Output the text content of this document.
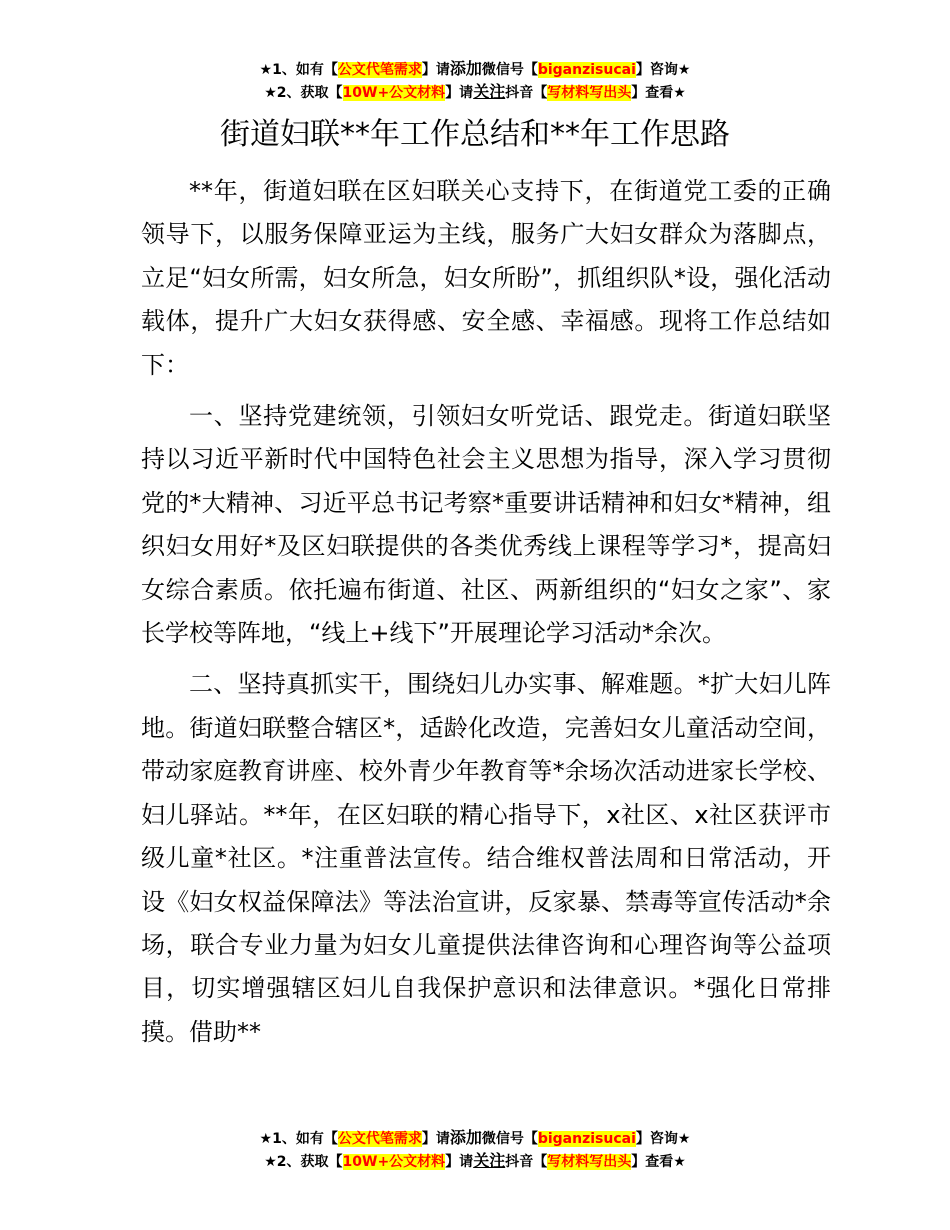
★1、如有【公文代笔需求】请添加微信号【biganzisucai】咨询★
★2、获取【10W+公文材料】请关注抖音【写材料写出头】查看★
街道妇联**年工作总结和**年工作思路

**年，街道妇联在区妇联关心支持下，在街道党工委的正确领导下，以服务保障亚运为主线，服务广大妇女群众为落脚点，立足“妇女所需，妇女所急，妇女所盼”，抓组织队*设，强化活动载体，提升广大妇女获得感、安全感、幸福感。现将工作总结如下：

一、坚持党建统领，引领妇女听党话、跟党走。街道妇联坚持以习近平新时代中国特色社会主义思想为指导，深入学习贯彻党的*大精神、习近平总书记考察*重要讲话精神和妇女*精神，组织妇女用好*及区妇联提供的各类优秀线上课程等学习*，提高妇女综合素质。依托遍布街道、社区、两新组织的“妇女之家”、家长学校等阵地，“线上+线下”开展理论学习活动*余次。

二、坚持真抓实干，围绕妇儿办实事、解难题。*扩大妇儿阵地。街道妇联整合辖区*，适龄化改造，完善妇女儿童活动空间，带动家庭教育讲座、校外青少年教育等*余场次活动进家长学校、妇儿驿站。**年，在区妇联的精心指导下，x社区、x社区获评市级儿童*社区。*注重普法宣传。结合维权普法周和日常活动，开设《妇女权益保障法》等法治宣讲，反家暴、禁毒等宣传活动*余场，联合专业力量为妇女儿童提供法律咨询和心理咨询等公益项目，切实增强辖区妇儿自我保护意识和法律意识。*强化日常排摸。借助**

★1、如有【公文代笔需求】请添加微信号【biganzisucai】咨询★
★2、获取【10W+公文材料】请关注抖音【写材料写出头】查看★
